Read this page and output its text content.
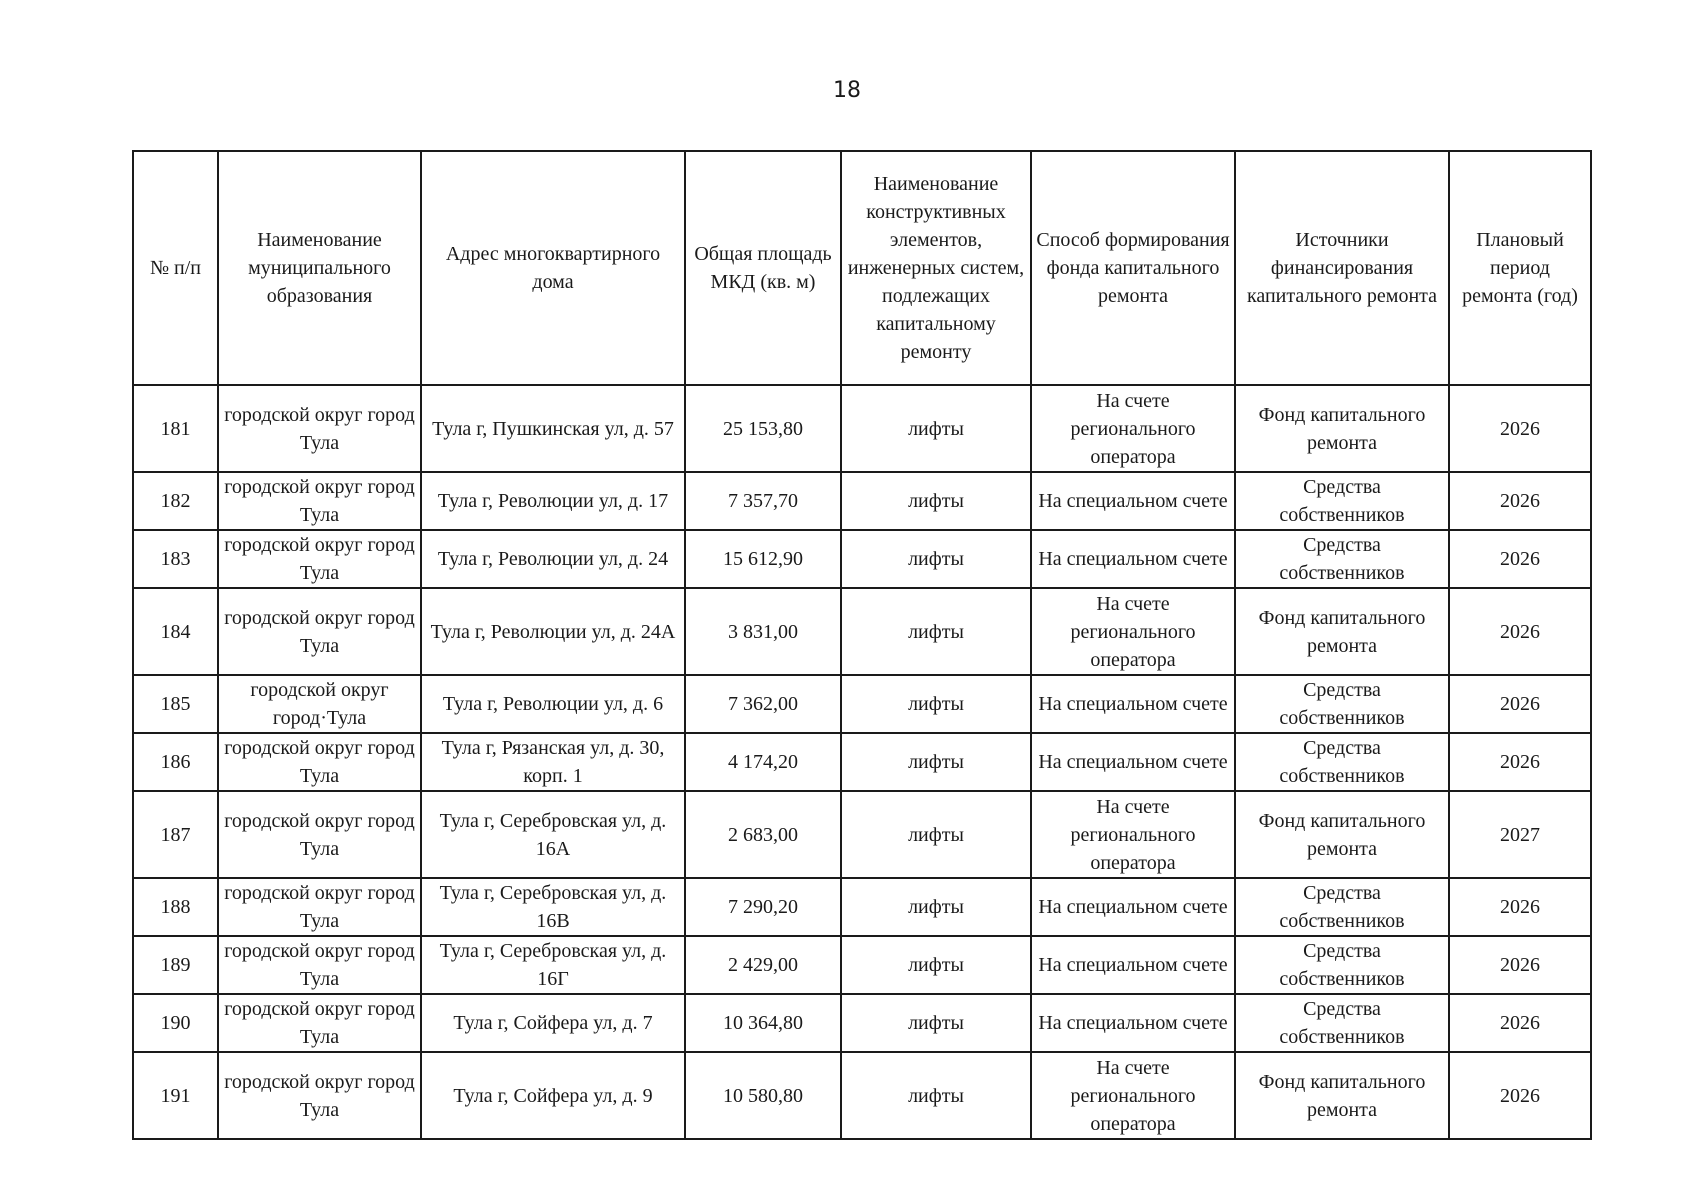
18
№ п/п	Наименование муниципального образования	Адрес многоквартирного дома	Общая площадь МКД (кв. м)	Наименование конструктивных элементов, инженерных систем, подлежащих капитальному ремонту	Способ формирования фонда капитального ремонта	Источники финансирования капитального ремонта	Плановый период ремонта (год)
181	городской округ город Тула	Тула г, Пушкинская ул, д. 57	25 153,80	лифты	На счете регионального оператора	Фонд капитального ремонта	2026
182	городской округ город Тула	Тула г, Революции ул, д. 17	7 357,70	лифты	На специальном счете	Средства собственников	2026
183	городской округ город Тула	Тула г, Революции ул, д. 24	15 612,90	лифты	На специальном счете	Средства собственников	2026
184	городской округ город Тула	Тула г, Революции ул, д. 24А	3 831,00	лифты	На счете регионального оператора	Фонд капитального ремонта	2026
185	городской округ город·Тула	Тула г, Революции ул, д. 6	7 362,00	лифты	На специальном счете	Средства собственников	2026
186	городской округ город Тула	Тула г, Рязанская ул, д. 30, корп. 1	4 174,20	лифты	На специальном счете	Средства собственников	2026
187	городской округ город Тула	Тула г, Серебровская ул, д. 16А	2 683,00	лифты	На счете регионального оператора	Фонд капитального ремонта	2027
188	городской округ город Тула	Тула г, Серебровская ул, д. 16В	7 290,20	лифты	На специальном счете	Средства собственников	2026
189	городской округ город Тула	Тула г, Серебровская ул, д. 16Г	2 429,00	лифты	На специальном счете	Средства собственников	2026
190	городской округ город Тула	Тула г, Сойфера ул, д. 7	10 364,80	лифты	На специальном счете	Средства собственников	2026
191	городской округ город Тула	Тула г, Сойфера ул, д. 9	10 580,80	лифты	На счете регионального оператора	Фонд капитального ремонта	2026
